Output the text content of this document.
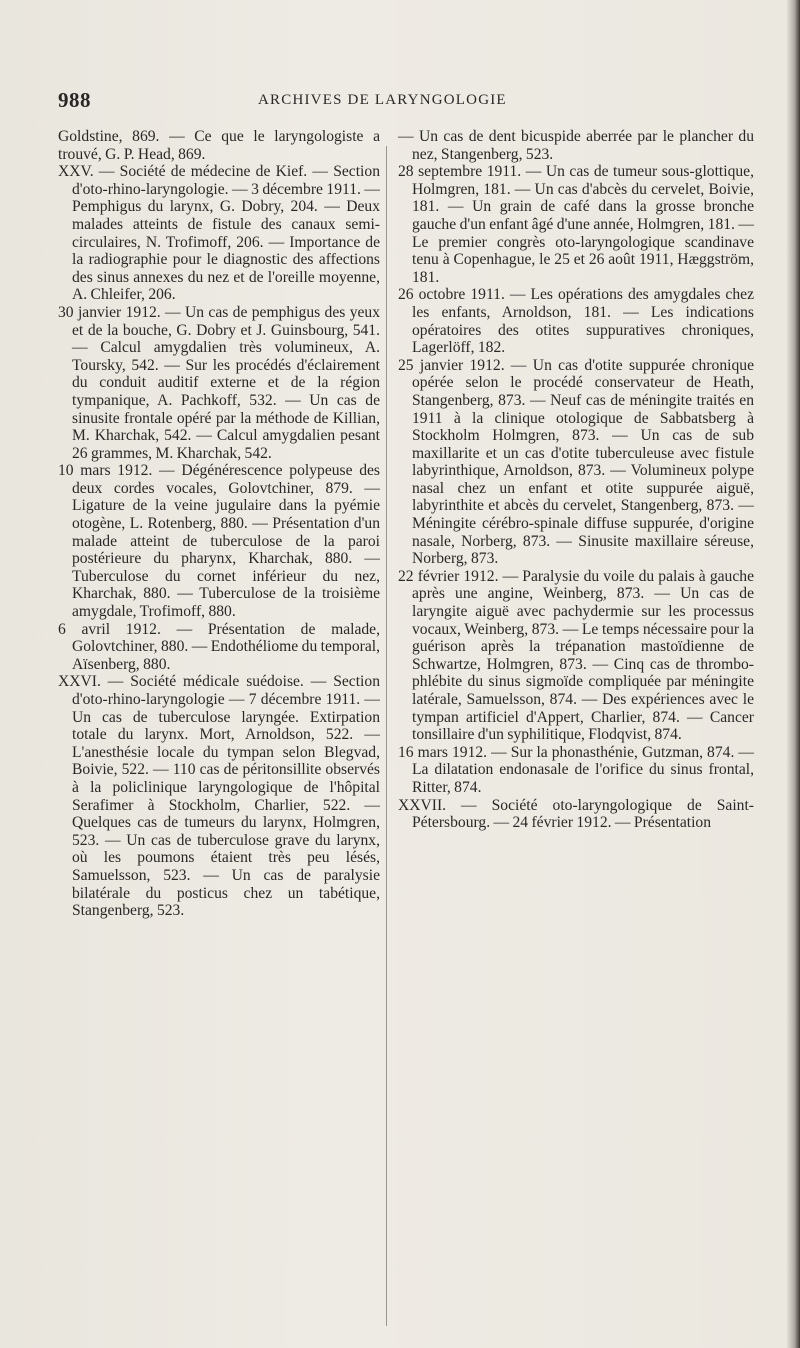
988	ARCHIVES DE LARYNGOLOGIE

Goldstine, 869. — Ce que le laryngologiste a trouvé, G. P. Head, 869.

XXV. — Société de médecine de Kief. — Section d'oto-rhino-laryngologie. — 3 décembre 1911. — Pemphigus du larynx, G. Dobry, 204. — Deux malades atteints de fistule des canaux semi-circulaires, N. Trofimoff, 206. — Importance de la radiographie pour le diagnostic des affections des sinus annexes du nez et de l'oreille moyenne, A. Chleifer, 206.

30 janvier 1912. — Un cas de pemphigus des yeux et de la bouche, G. Dobry et J. Guinsbourg, 541. — Calcul amygdalien très volumineux, A. Toursky, 542. — Sur les procédés d'éclairement du conduit auditif externe et de la région tympanique, A. Pachkoff, 532. — Un cas de sinusite frontale opéré par la méthode de Killian, M. Kharchak, 542. — Calcul amygdalien pesant 26 grammes, M. Kharchak, 542.

10 mars 1912. — Dégénérescence polypeuse des deux cordes vocales, Golovtchiner, 879. — Ligature de la veine jugulaire dans la pyémie otogène, L. Rotenberg, 880. — Présentation d'un malade atteint de tuberculose de la paroi postérieure du pharynx, Kharchak, 880. — Tuberculose du cornet inférieur du nez, Kharchak, 880. — Tuberculose de la troisième amygdale, Trofimoff, 880.

6 avril 1912. — Présentation de malade, Golovtchiner, 880. — Endothéliome du temporal, Aïsenberg, 880.

XXVI. — Société médicale suédoise. — Section d'oto-rhino-laryngologie — 7 décembre 1911. — Un cas de tuberculose laryngée. Extirpation totale du larynx. Mort, Arnoldson, 522. — L'anesthésie locale du tympan selon Blegvad, Boivie, 522. — 110 cas de péritonsillite observés à la policlinique laryngologique de l'hôpital Serafimer à Stockholm, Charlier, 522. — Quelques cas de tumeurs du larynx, Holmgren, 523. — Un cas de tuberculose grave du larynx, où les poumons étaient très peu lésés, Samuelsson, 523. — Un cas de paralysie bilatérale du posticus chez un tabétique, Stangenberg, 523.

— Un cas de dent bicuspide aberrée par le plancher du nez, Stangenberg, 523.

28 septembre 1911. — Un cas de tumeur sous-glottique, Holmgren, 181. — Un cas d'abcès du cervelet, Boivie, 181. — Un grain de café dans la grosse bronche gauche d'un enfant âgé d'une année, Holmgren, 181. — Le premier congrès oto-laryngologique scandinave tenu à Copenhague, le 25 et 26 août 1911, Hæggström, 181.

26 octobre 1911. — Les opérations des amygdales chez les enfants, Arnoldson, 181. — Les indications opératoires des otites suppuratives chroniques, Lagerlöff, 182.

25 janvier 1912. — Un cas d'otite suppurée chronique opérée selon le procédé conservateur de Heath, Stangenberg, 873. — Neuf cas de méningite traités en 1911 à la clinique otologique de Sabbatsberg à Stockholm Holmgren, 873. — Un cas de sub maxillarite et un cas d'otite tuberculeuse avec fistule labyrinthique, Arnoldson, 873. — Volumineux polype nasal chez un enfant et otite suppurée aiguë, labyrinthite et abcès du cervelet, Stangenberg, 873. — Méningite cérébro-spinale diffuse suppurée, d'origine nasale, Norberg, 873. — Sinusite maxillaire séreuse, Norberg, 873.

22 février 1912. — Paralysie du voile du palais à gauche après une angine, Weinberg, 873. — Un cas de laryngite aiguë avec pachydermie sur les processus vocaux, Weinberg, 873. — Le temps nécessaire pour la guérison après la trépanation mastoïdienne de Schwartze, Holmgren, 873. — Cinq cas de thrombo-phlébite du sinus sigmoïde compliquée par méningite latérale, Samuelsson, 874. — Des expériences avec le tympan artificiel d'Appert, Charlier, 874. — Cancer tonsillaire d'un syphilitique, Flodqvist, 874.

16 mars 1912. — Sur la phonasthénie, Gutzman, 874. — La dilatation endonasale de l'orifice du sinus frontal, Ritter, 874.

XXVII. — Société oto-laryngologique de Saint-Pétersbourg. — 24 février 1912. — Présentation
